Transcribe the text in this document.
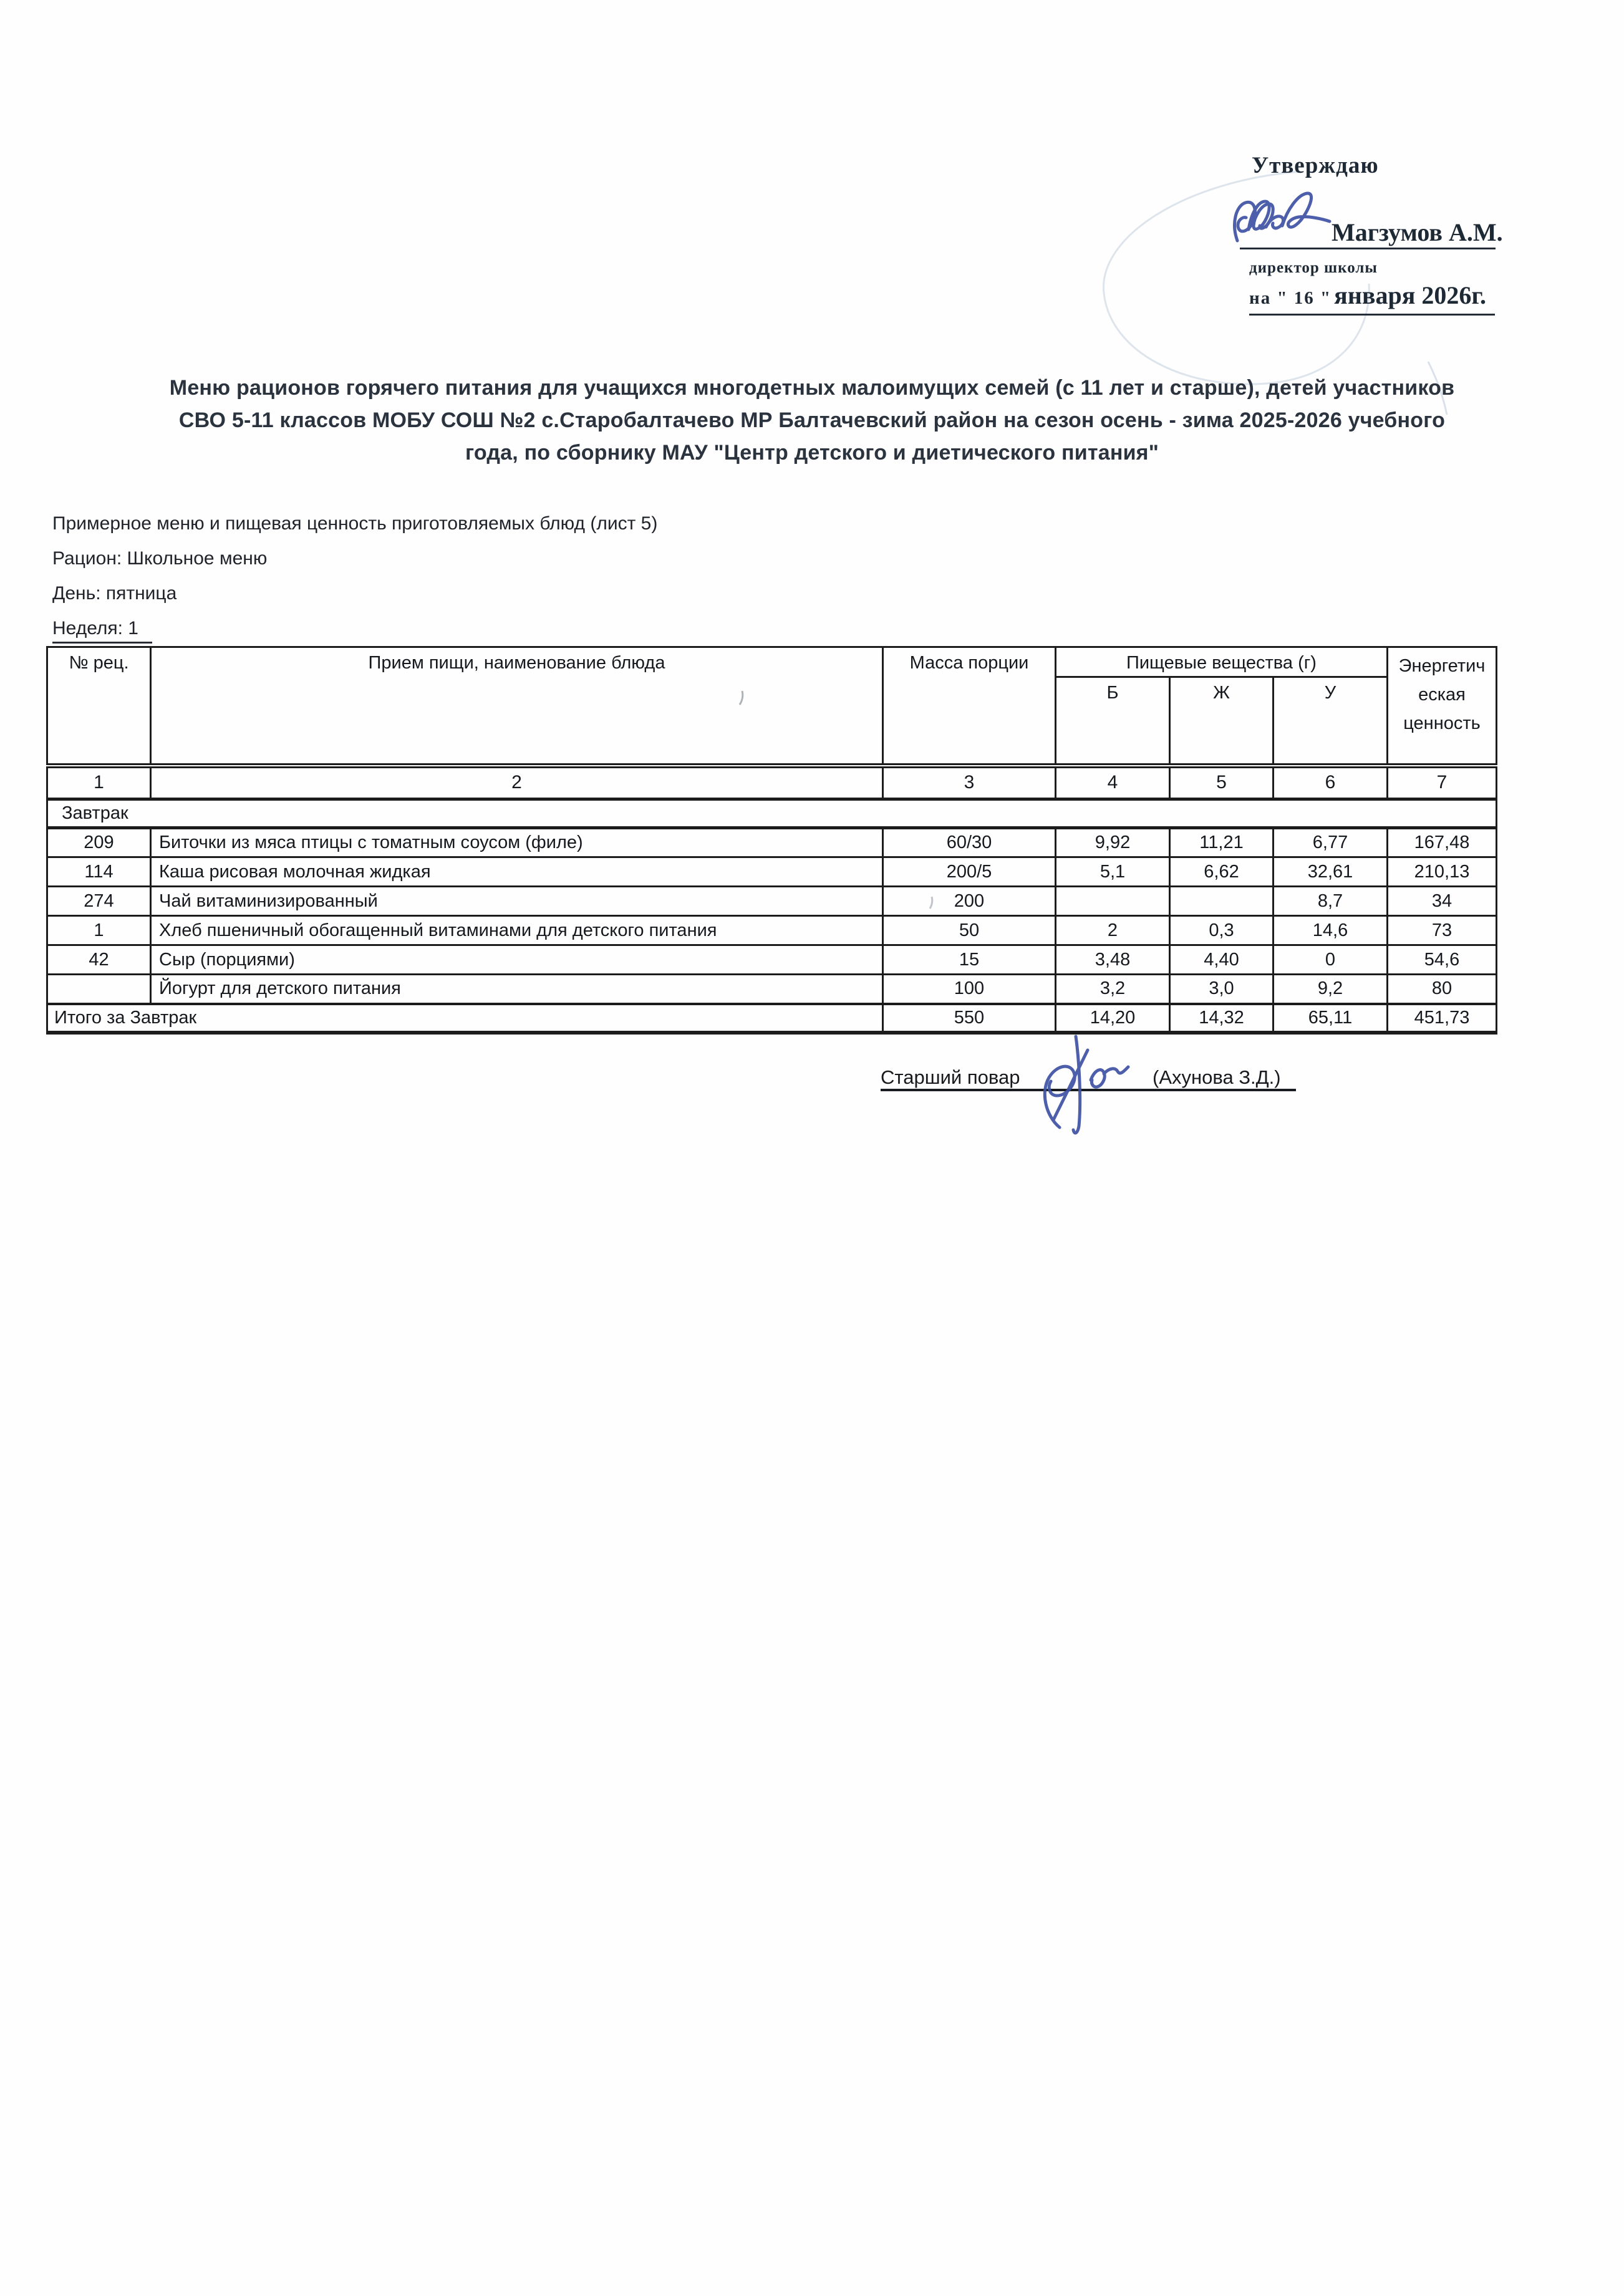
Утверждаю
Магзумов А.М.
директор школы
на " 16 " января 2026г.
Меню рационов горячего питания для учащихся многодетных малоимущих семей (с 11 лет и старше), детей участников
СВО 5-11 классов МОБУ СОШ №2 с.Старобалтачево МР Балтачевский район на сезон осень - зима 2025-2026 учебного
года, по сборнику МАУ "Центр детского и диетического питания"
Примерное меню и пищевая ценность приготовляемых блюд (лист 5)
Рацион: Школьное меню
День: пятница
Неделя: 1
№ рец.	Прием пищи, наименование блюда	Масса порции	Пищевые вещества (г)			Энергетич
еская
ценность

			Б	Ж	У	
1	2	3	4	5	6	7
Завтрак						
209	Биточки из мяса птицы с томатным соусом (филе)	60/30	9,92	11,21	6,77	167,48
114	Каша рисовая молочная жидкая	200/5	5,1	6,62	32,61	210,13
274	Чай витаминизированный	200			8,7	34
1	Хлеб пшеничный обогащенный витаминами для детского питания	50	2	0,3	14,6	73
42	Сыр (порциями)	15	3,48	4,40	0	54,6
	Йогурт для детского питания	100	3,2	3,0	9,2	80
Итого за Завтрак		550	14,20	14,32	65,11	451,73
Старший повар	(Ахунова З.Д.)
